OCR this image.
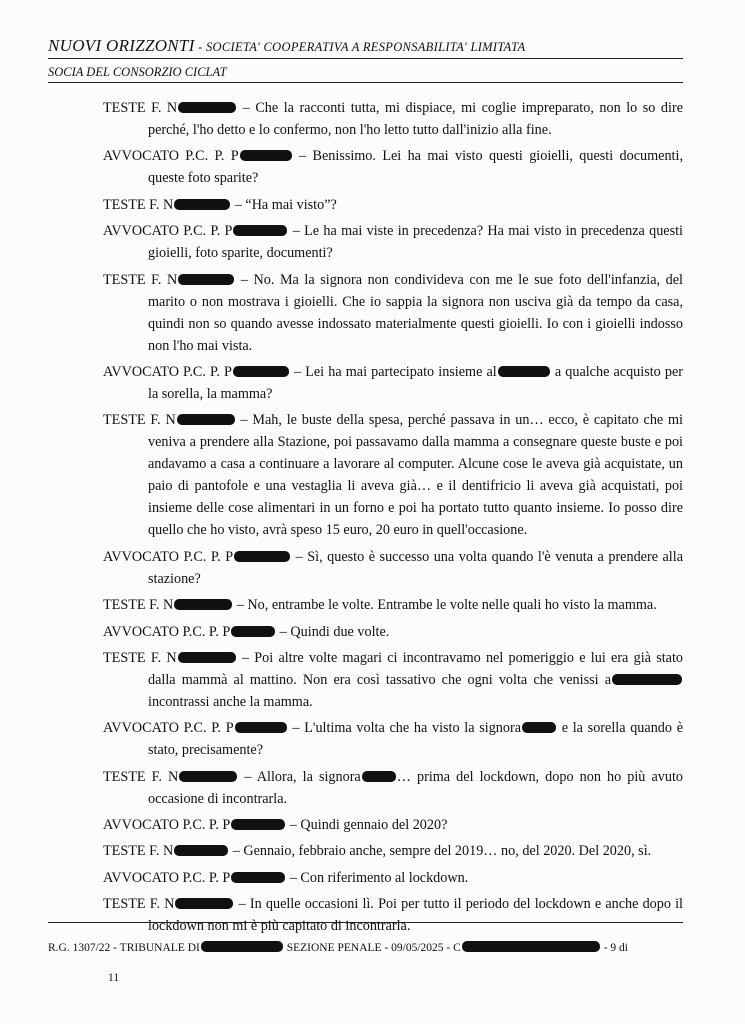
NUOVI ORIZZONTI - SOCIETA' COOPERATIVA A RESPONSABILITA' LIMITATA
SOCIA DEL CONSORZIO CICLAT

TESTE F. N	– Che la racconti tutta, mi dispiace, mi coglie impreparato, non lo so dire perché, l'ho detto e lo confermo, non l'ho letto tutto dall'inizio alla fine.

AVVOCATO P.C. P. P	– Benissimo. Lei ha mai visto questi gioielli, questi documenti, queste foto sparite?

TESTE F. N	– “Ha mai visto”?

AVVOCATO P.C. P. P	– Le ha mai viste in precedenza? Ha mai visto in precedenza questi gioielli, foto sparite, documenti?

TESTE F. N	– No. Ma la signora non condivideva con me le sue foto dell'infanzia, del marito o non mostrava i gioielli. Che io sappia la signora non usciva già da tempo da casa, quindi non so quando avesse indossato materialmente questi gioielli. Io con i gioielli indosso non l'ho mai vista.

AVVOCATO P.C. P. P	– Lei ha mai partecipato insieme al	a qualche acquisto per la sorella, la mamma?

TESTE F. N	– Mah, le buste della spesa, perché passava in un… ecco, è capitato che mi veniva a prendere alla Stazione, poi passavamo dalla mamma a consegnare queste buste e poi andavamo a casa a continuare a lavorare al computer. Alcune cose le aveva già acquistate, un paio di pantofole e una vestaglia li aveva già… e il dentifricio li aveva già acquistati, poi insieme delle cose alimentari in un forno e poi ha portato tutto quanto insieme. Io posso dire quello che ho visto, avrà speso 15 euro, 20 euro in quell'occasione.

AVVOCATO P.C. P. P	– Sì, questo è successo una volta quando l'è venuta a prendere alla stazione?

TESTE F. N	– No, entrambe le volte. Entrambe le volte nelle quali ho visto la mamma.

AVVOCATO P.C. P. P	– Quindi due volte.

TESTE F. N	– Poi altre volte magari ci incontravamo nel pomeriggio e lui era già stato dalla mammà al mattino. Non era così tassativo che ogni volta che venissi a incontrassi anche la mamma.

AVVOCATO P.C. P. P	– L'ultima volta che ha visto la signora	e la sorella quando è stato, precisamente?

TESTE F. N	– Allora, la signora	… prima del lockdown, dopo non ho più avuto occasione di incontrarla.

AVVOCATO P.C. P. P	– Quindi gennaio del 2020?

TESTE F. N	– Gennaio, febbraio anche, sempre del 2019… no, del 2020. Del 2020, sì.

AVVOCATO P.C. P. P	– Con riferimento al lockdown.

TESTE F. N	– In quelle occasioni lì. Poi per tutto il periodo del lockdown e anche dopo il lockdown non mi è più capitato di incontrarla.

R.G. 1307/22 - TRIBUNALE DI	SEZIONE PENALE - 09/05/2025 - C	- 9 di
11
